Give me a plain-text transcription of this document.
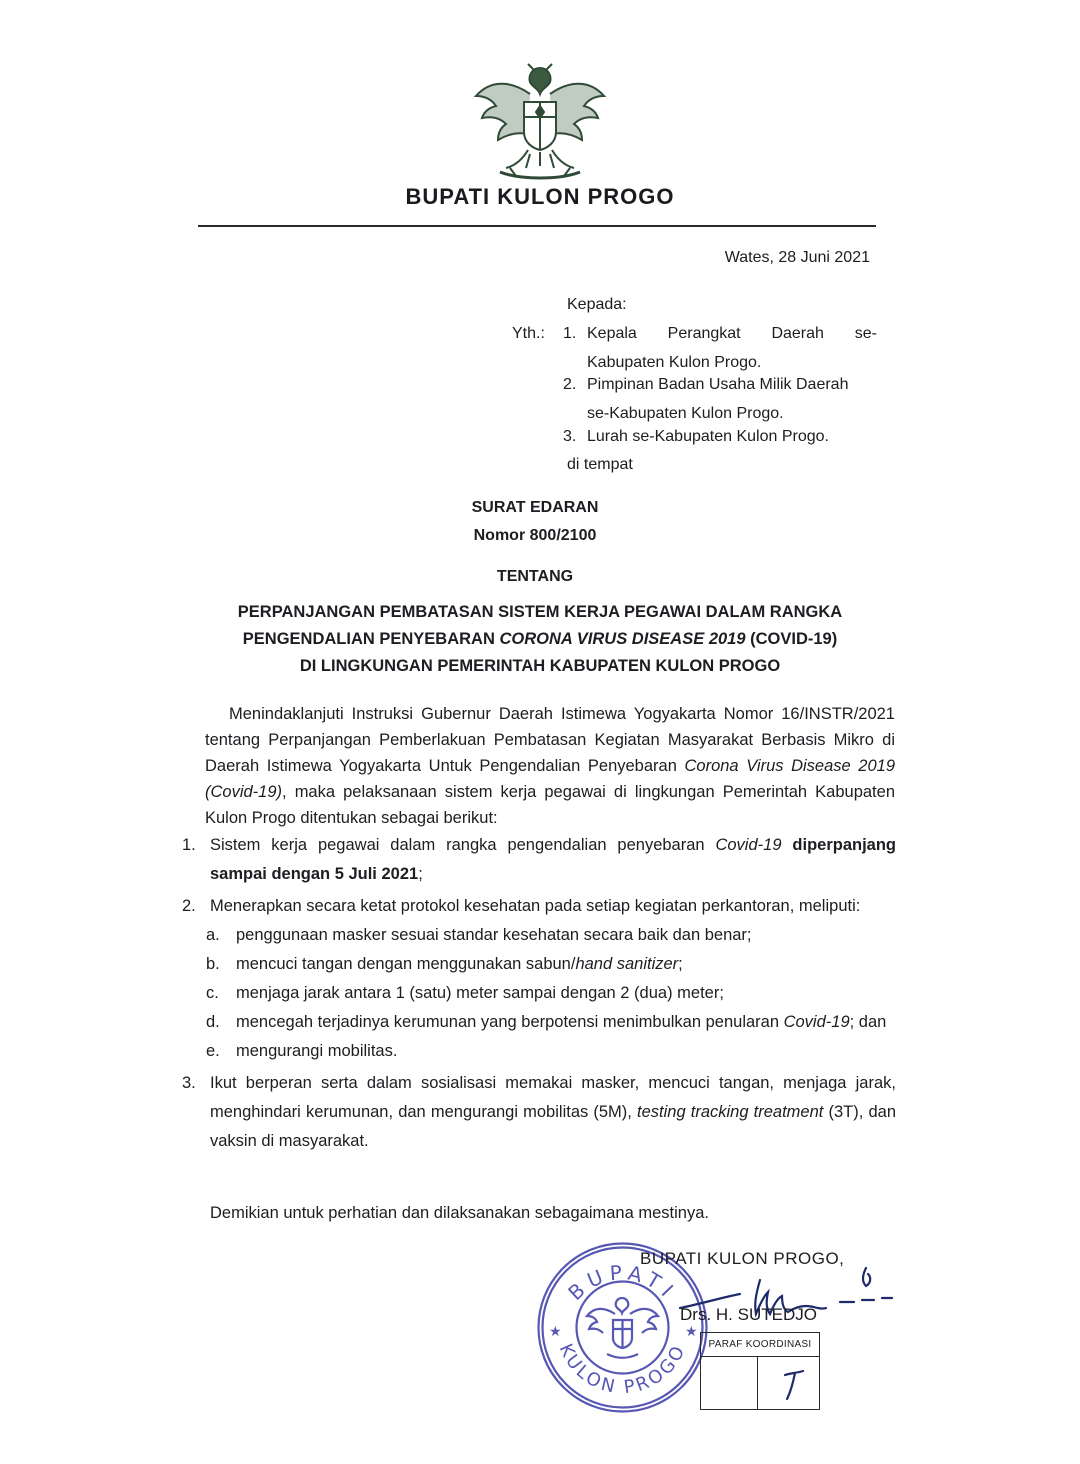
BUPATI KULON PROGO
Wates, 28 Juni 2021
Kepada:
Yth.: 1. Kepala Perangkat Daerah se-
Kabupaten Kulon Progo.
2. Pimpinan Badan Usaha Milik Daerah
se-Kabupaten Kulon Progo.
3. Lurah se-Kabupaten Kulon Progo.
di tempat
SURAT EDARAN
Nomor 800/2100
TENTANG
PERPANJANGAN PEMBATASAN SISTEM KERJA PEGAWAI DALAM RANGKA
PENGENDALIAN PENYEBARAN CORONA VIRUS DISEASE 2019 (COVID-19)
DI LINGKUNGAN PEMERINTAH KABUPATEN KULON PROGO
Menindaklanjuti Instruksi Gubernur Daerah Istimewa Yogyakarta Nomor 16/INSTR/2021 tentang Perpanjangan Pemberlakuan Pembatasan Kegiatan Masyarakat Berbasis Mikro di Daerah Istimewa Yogyakarta Untuk Pengendalian Penyebaran Corona Virus Disease 2019 (Covid-19), maka pelaksanaan sistem kerja pegawai di lingkungan Pemerintah Kabupaten Kulon Progo ditentukan sebagai berikut:
1. Sistem kerja pegawai dalam rangka pengendalian penyebaran Covid-19 diperpanjang sampai dengan 5 Juli 2021;
2. Menerapkan secara ketat protokol kesehatan pada setiap kegiatan perkantoran, meliputi:
a. penggunaan masker sesuai standar kesehatan secara baik dan benar;
b. mencuci tangan dengan menggunakan sabun/hand sanitizer;
c. menjaga jarak antara 1 (satu) meter sampai dengan 2 (dua) meter;
d. mencegah terjadinya kerumunan yang berpotensi menimbulkan penularan Covid-19; dan
e. mengurangi mobilitas.
3. Ikut berperan serta dalam sosialisasi memakai masker, mencuci tangan, menjaga jarak, menghindari kerumunan, dan mengurangi mobilitas (5M), testing tracking treatment (3T), dan vaksin di masyarakat.
Demikian untuk perhatian dan dilaksanakan sebagaimana mestinya.
BUPATI
KULON PROGO
★	★
BUPATI KULON PROGO,
Drs. H. SUTEDJO
PARAF KOORDINASI
